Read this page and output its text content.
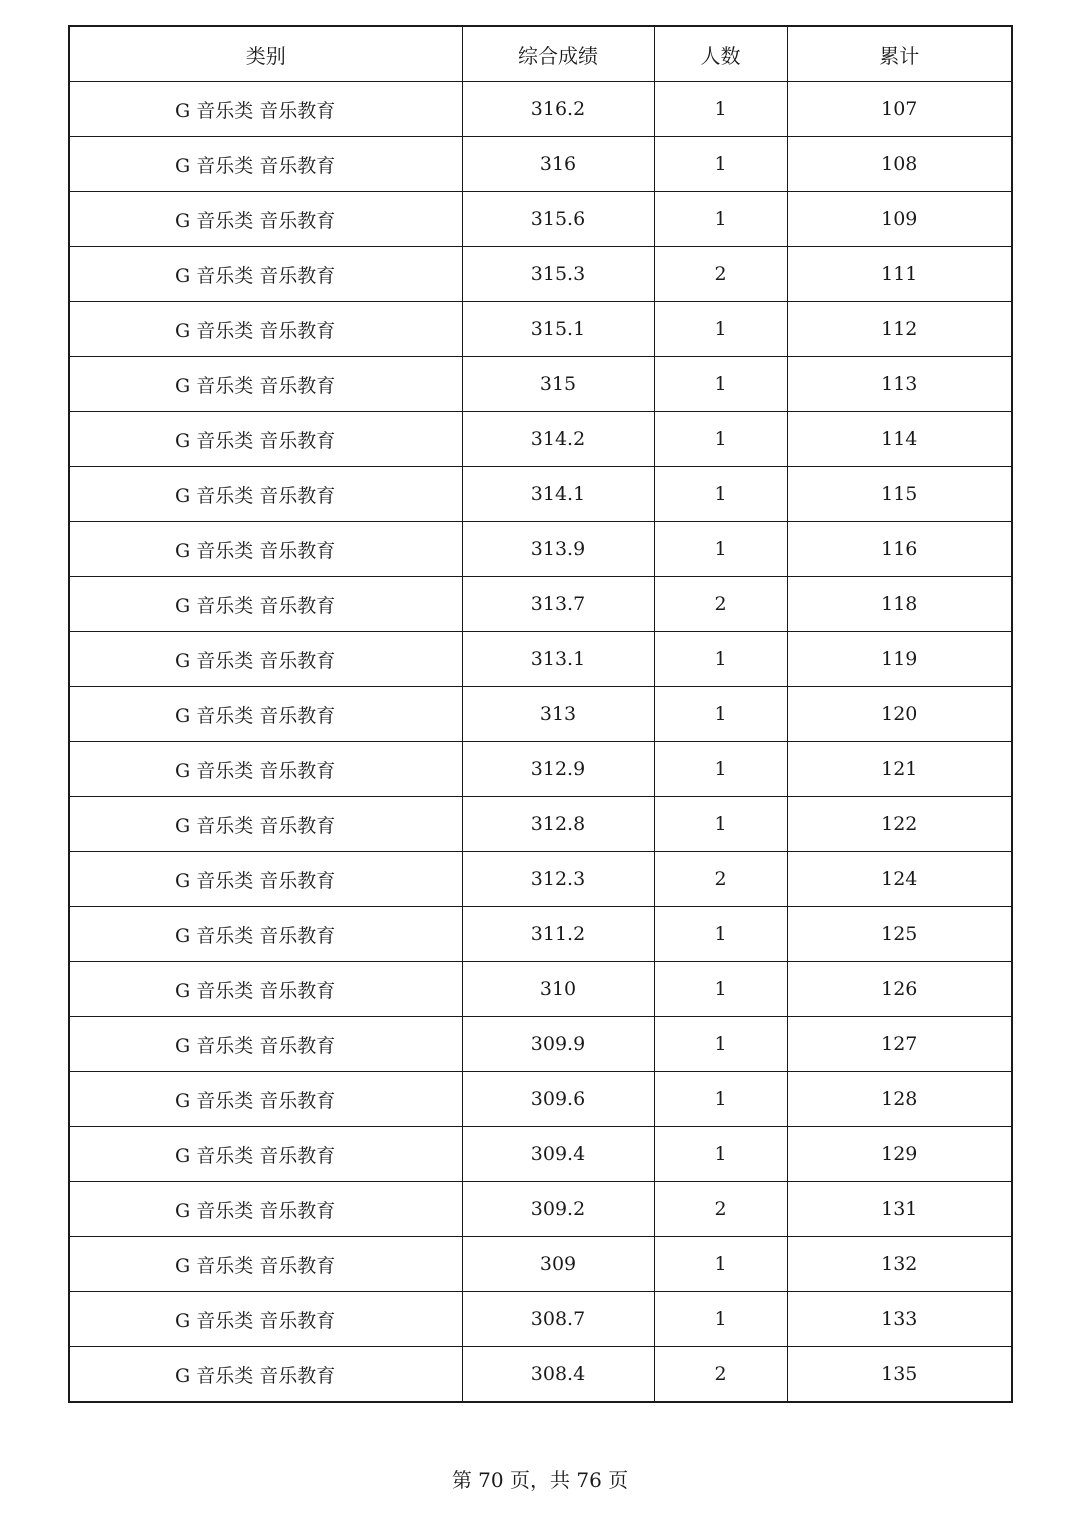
类别	综合成绩	人数	累计
G 音乐类 音乐教育	316.2	1	107
G 音乐类 音乐教育	316	1	108
G 音乐类 音乐教育	315.6	1	109
G 音乐类 音乐教育	315.3	2	111
G 音乐类 音乐教育	315.1	1	112
G 音乐类 音乐教育	315	1	113
G 音乐类 音乐教育	314.2	1	114
G 音乐类 音乐教育	314.1	1	115
G 音乐类 音乐教育	313.9	1	116
G 音乐类 音乐教育	313.7	2	118
G 音乐类 音乐教育	313.1	1	119
G 音乐类 音乐教育	313	1	120
G 音乐类 音乐教育	312.9	1	121
G 音乐类 音乐教育	312.8	1	122
G 音乐类 音乐教育	312.3	2	124
G 音乐类 音乐教育	311.2	1	125
G 音乐类 音乐教育	310	1	126
G 音乐类 音乐教育	309.9	1	127
G 音乐类 音乐教育	309.6	1	128
G 音乐类 音乐教育	309.4	1	129
G 音乐类 音乐教育	309.2	2	131
G 音乐类 音乐教育	309	1	132
G 音乐类 音乐教育	308.7	1	133
G 音乐类 音乐教育	308.4	2	135
第 70 页，共 76 页
